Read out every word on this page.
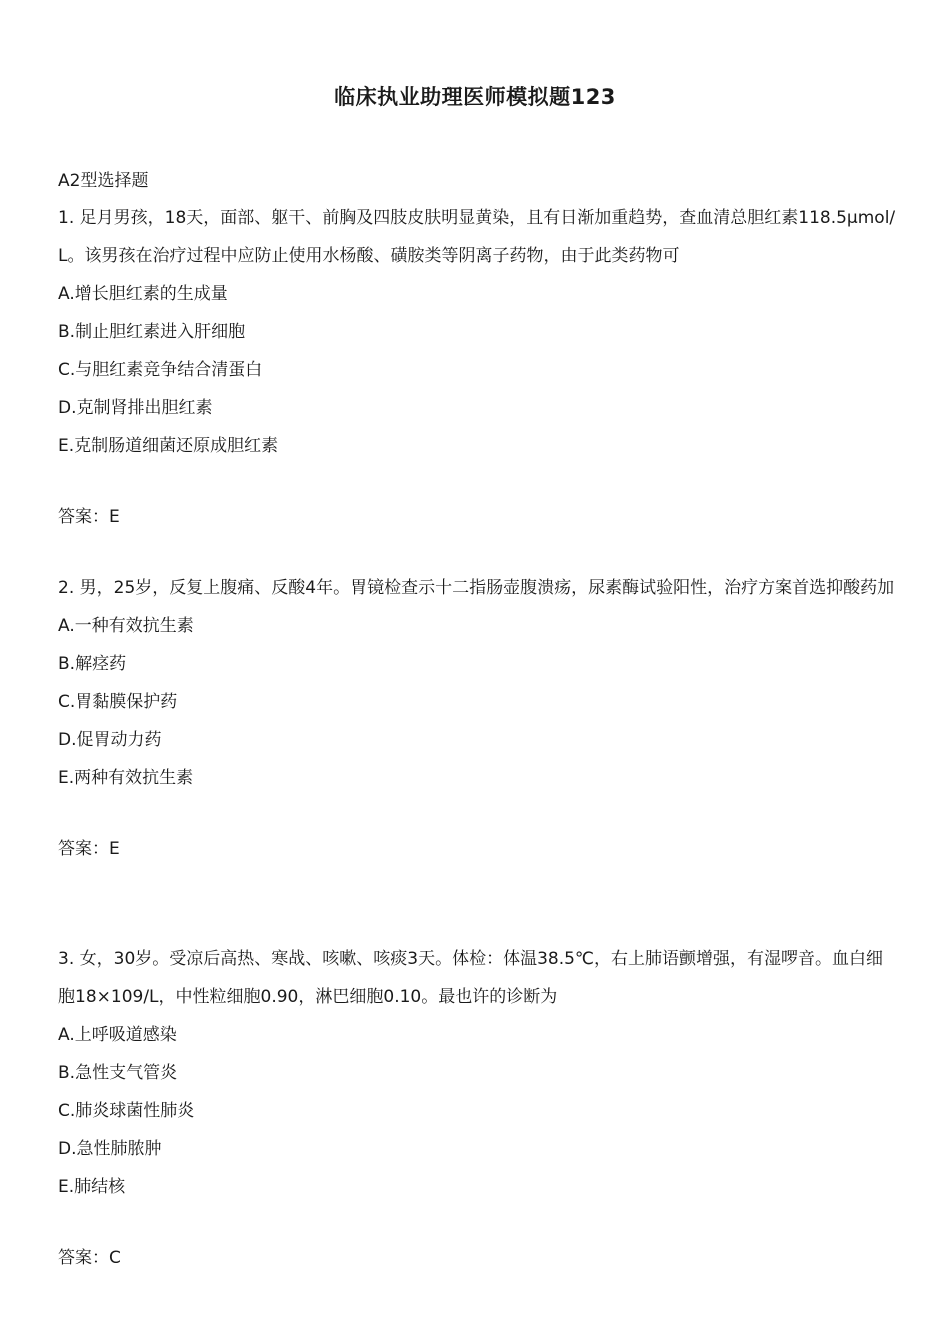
临床执业助理医师模拟题123
A2型选择题

1. 足月男孩，18天，面部、躯干、前胸及四肢皮肤明显黄染，且有日渐加重趋势，查血清总胆红素118.5μmol/L。该男孩在治疗过程中应防止使用水杨酸、磺胺类等阴离子药物，由于此类药物可

A.增长胆红素的生成量

B.制止胆红素进入肝细胞

C.与胆红素竞争结合清蛋白

D.克制肾排出胆红素

E.克制肠道细菌还原成胆红素

答案：E

2. 男，25岁，反复上腹痛、反酸4年。胃镜检查示十二指肠壶腹溃疡，尿素酶试验阳性，治疗方案首选抑酸药加

A.一种有效抗生素

B.解痉药

C.胃黏膜保护药

D.促胃动力药

E.两种有效抗生素

答案：E

3. 女，30岁。受凉后高热、寒战、咳嗽、咳痰3天。体检：体温38.5℃，右上肺语颤增强，有湿啰音。血白细胞18×109/L，中性粒细胞0.90，淋巴细胞0.10。最也许的诊断为

A.上呼吸道感染

B.急性支气管炎

C.肺炎球菌性肺炎

D.急性肺脓肿

E.肺结核

答案：C
